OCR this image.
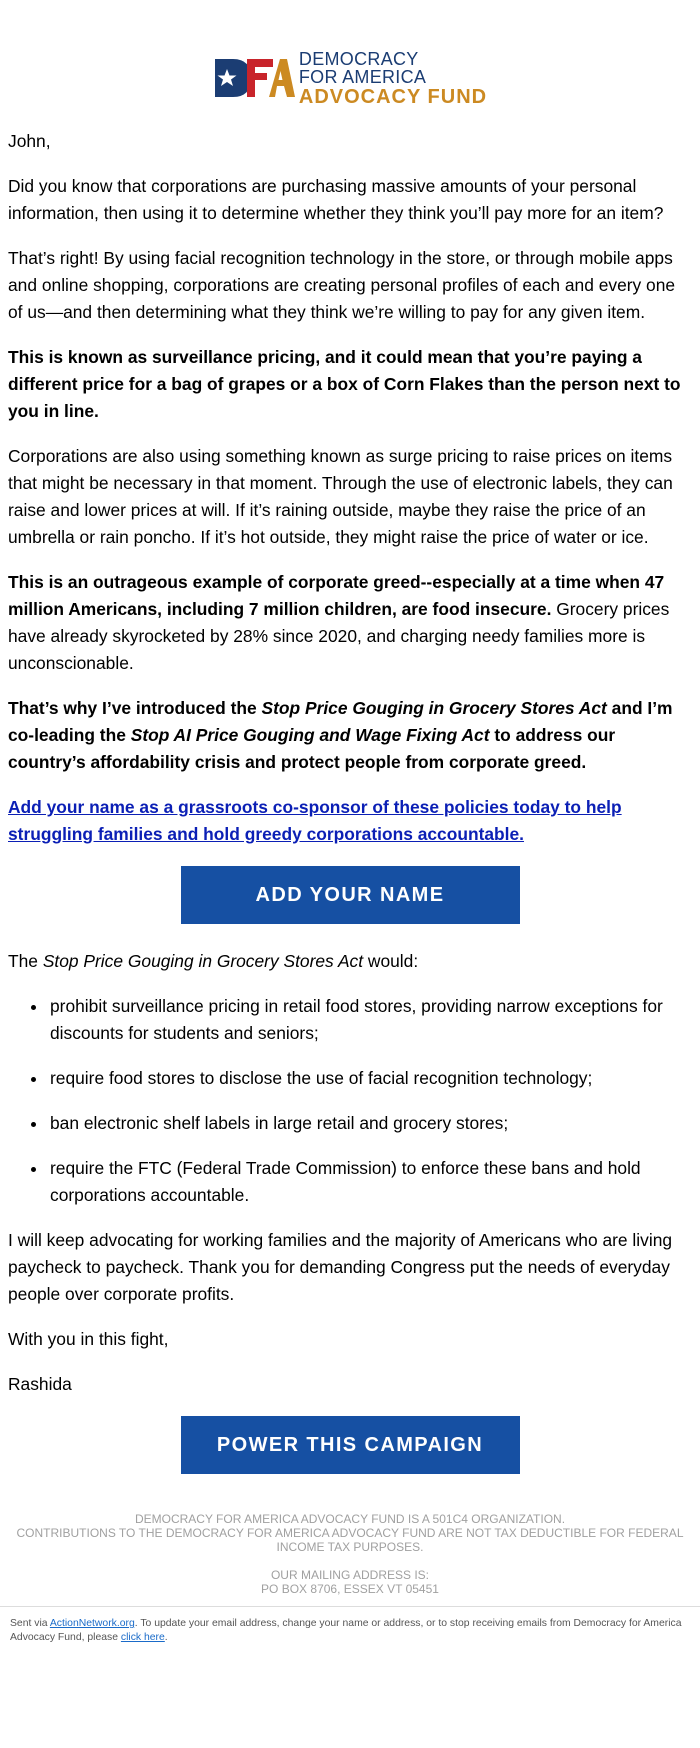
DEMOCRACY
FOR AMERICA
ADVOCACY FUND

John,

Did you know that corporations are purchasing massive amounts of your personal information, then using it to determine whether they think you’ll pay more for an item?

That’s right! By using facial recognition technology in the store, or through mobile apps and online shopping, corporations are creating personal profiles of each and every one of us—and then determining what they think we’re willing to pay for any given item.

This is known as surveillance pricing, and it could mean that you’re paying a different price for a bag of grapes or a box of Corn Flakes than the person next to you in line.

Corporations are also using something known as surge pricing to raise prices on items that might be necessary in that moment. Through the use of electronic labels, they can raise and lower prices at will. If it’s raining outside, maybe they raise the price of an umbrella or rain poncho. If it’s hot outside, they might raise the price of water or ice.

This is an outrageous example of corporate greed--especially at a time when 47 million Americans, including 7 million children, are food insecure. Grocery prices have already skyrocketed by 28% since 2020, and charging needy families more is unconscionable.

That’s why I’ve introduced the Stop Price Gouging in Grocery Stores Act and I’m co-leading the Stop AI Price Gouging and Wage Fixing Act to address our country’s affordability crisis and protect people from corporate greed.

Add your name as a grassroots co-sponsor of these policies today to help struggling families and hold greedy corporations accountable.

ADD YOUR NAME

The Stop Price Gouging in Grocery Stores Act would:

• prohibit surveillance pricing in retail food stores, providing narrow exceptions for discounts for students and seniors;
• require food stores to disclose the use of facial recognition technology;
• ban electronic shelf labels in large retail and grocery stores;
• require the FTC (Federal Trade Commission) to enforce these bans and hold corporations accountable.

I will keep advocating for working families and the majority of Americans who are living paycheck to paycheck. Thank you for demanding Congress put the needs of everyday people over corporate profits.

With you in this fight,

Rashida

POWER THIS CAMPAIGN
DEMOCRACY FOR AMERICA ADVOCACY FUND IS A 501C4 ORGANIZATION.
CONTRIBUTIONS TO THE DEMOCRACY FOR AMERICA ADVOCACY FUND ARE NOT TAX DEDUCTIBLE FOR FEDERAL INCOME TAX PURPOSES.
OUR MAILING ADDRESS IS:
PO BOX 8706, ESSEX VT 05451
Sent via ActionNetwork.org. To update your email address, change your name or address, or to stop receiving emails from Democracy for America Advocacy Fund, please click here.
